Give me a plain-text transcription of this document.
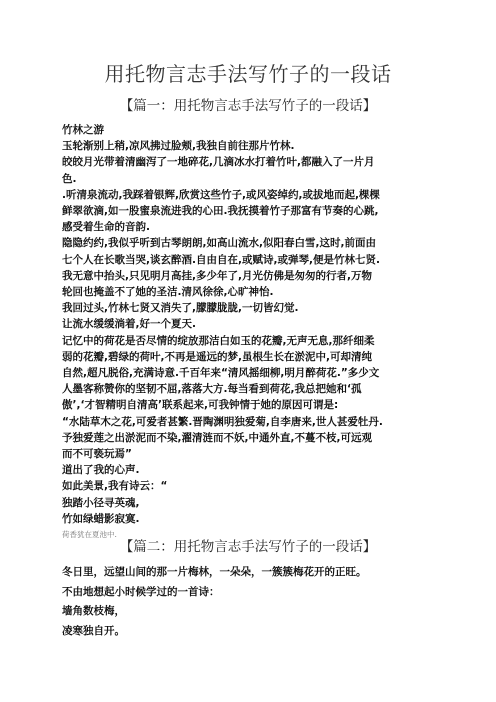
用托物言志手法写竹子的一段话
【篇一：用托物言志手法写竹子的一段话】

竹林之游

玉轮渐别上稍,凉风拂过脸颊,我独自前往那片竹林.

皎皎月光带着清幽泻了一地碎花,几滴冰水打着竹叶,都融入了一片月

色.

.听清泉流动,我踩着银辉,欣赏这些竹子,或风姿绰约,或拔地而起,棵棵

鲜翠欲滴,如一股蜜泉流进我的心田.我抚摸着竹子那富有节奏的心跳,

感受着生命的音韵.

隐隐约约,我似乎听到古琴朗朗,如高山流水,似阳春白雪,这时,前面由

七个人在长歌当哭,谈玄醉酒.自由自在,或赋诗,或弹琴,便是竹林七贤.

我无意中抬头,只见明月高挂,多少年了,月光仿佛是匆匆的行者,万物

轮回也掩盖不了她的圣洁.清风徐徐,心旷神怡.

我回过头,竹林七贤又消失了,朦朦胧胧,一切皆幻觉.

让流水缓缓淌着,好一个夏天.

记忆中的荷花是否尽情的绽放那洁白如玉的花瓣,无声无息,那纤细柔

弱的花瓣,碧绿的荷叶,不再是遥远的梦,虽根生长在淤泥中,可却清纯

自然,超凡脱俗,充满诗意.千百年来“清风摇细柳,明月醉荷花.”多少文

人墨客称赞你的坚韧不屈,落落大方.每当看到荷花,我总把她和‘孤

傲’,‘才智精明自清高’联系起来,可我钟情于她的原因可谓是:

“水陆草木之花,可爱者甚繁.晋陶渊明独爱菊,自李唐来,世人甚爱牡丹.

予独爱莲之出淤泥而不染,濯清涟而不妖,中通外直,不蔓不枝,可远观

而不可亵玩焉”

道出了我的心声.

如此美景,我有诗云：“

独踏小径寻英魂,

竹如绿蜡影寂寞.

荷香犹在夏池中.

【篇二：用托物言志手法写竹子的一段话】

冬日里，远望山间的那一片梅林，一朵朵，一簇簇梅花开的正旺。

不由地想起小时候学过的一首诗：

墙角数枝梅，

凌寒独自开。
